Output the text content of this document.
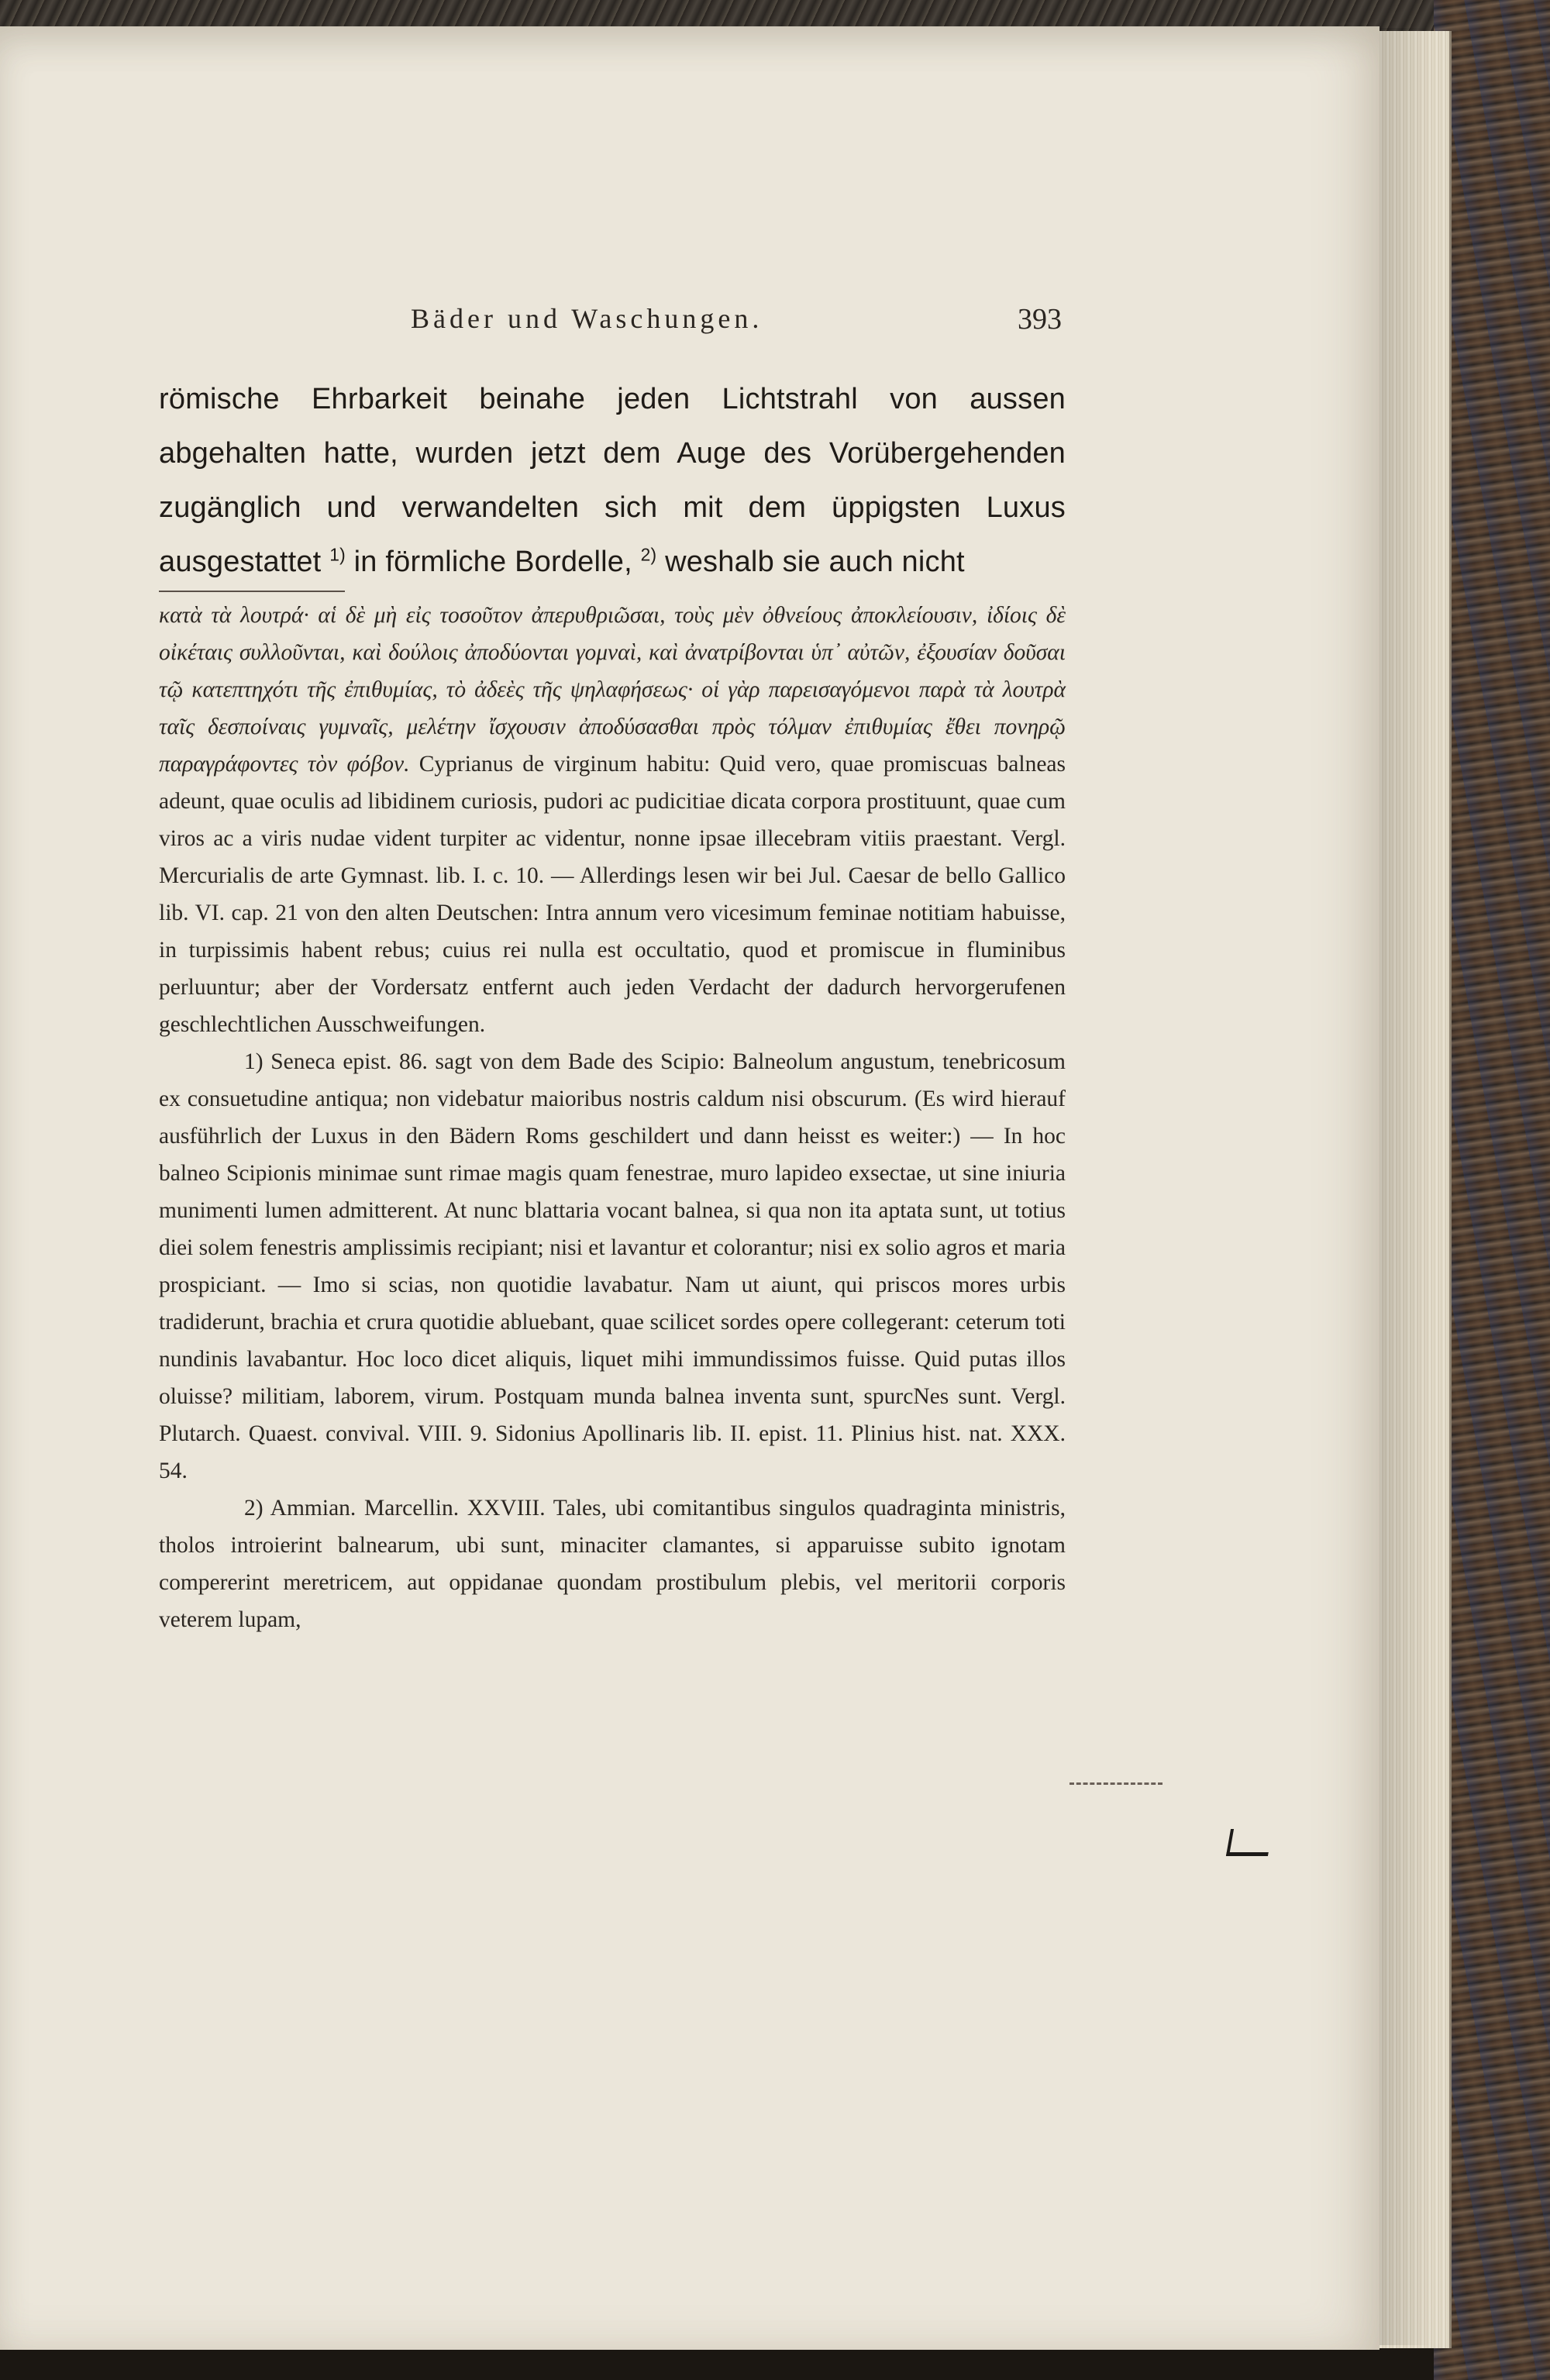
Bäder und Waschungen.	393
römische Ehrbarkeit beinahe jeden Lichtstrahl von aussen abgehalten hatte, wurden jetzt dem Auge des Vorübergehenden zugänglich und verwandelten sich mit dem üppigsten Luxus ausgestattet $^{1)}$ in förmliche Bordelle, $^{2)}$ weshalb sie auch nicht

κατὰ τὰ λουτρά· αἱ δὲ μὴ εἰς τοσοῦτον ἀπερυθριῶσαι, τοὺς μὲν ὀθνείους ἀποκλείουσιν, ἰδίοις δὲ οἰκέταις συλλοῦνται, καὶ δούλοις ἀποδύονται γομναὶ, καὶ ἀνατρίβονται ὑπ᾽ αὐτῶν, ἐξουσίαν δοῦσαι τῷ κατεπτηχότι τῆς ἐπιθυμίας, τὸ ἀδεὲς τῆς ψηλαφήσεως· οἱ γὰρ παρεισαγόμενοι παρὰ τὰ λουτρὰ ταῖς δεσποίναις γυμναῖς, μελέτην ἴσχουσιν ἀποδύσασθαι πρὸς τόλμαν ἐπιθυμίας ἔθει πονηρῷ παραγράφοντες τὸν φόβον. Cyprianus de virginum habitu: Quid vero, quae promiscuas balneas adeunt, quae oculis ad libidinem curiosis, pudori ac pudicitiae dicata corpora prostituunt, quae cum viros ac a viris nudae vident turpiter ac videntur, nonne ipsae illecebram vitiis praestant. Vergl. Mercurialis de arte Gymnast. lib. I. c. 10. — Allerdings lesen wir bei Jul. Caesar de bello Gallico lib. VI. cap. 21 von den alten Deutschen: Intra annum vero vicesimum feminae notitiam habuisse, in turpissimis habent rebus; cuius rei nulla est occultatio, quod et promiscue in fluminibus perluuntur; aber der Vordersatz entfernt auch jeden Verdacht der dadurch hervorgerufenen geschlechtlichen Ausschweifungen.

1) Seneca epist. 86. sagt von dem Bade des Scipio: Balneolum angustum, tenebricosum ex consuetudine antiqua; non videbatur maioribus nostris caldum nisi obscurum. (Es wird hierauf ausführlich der Luxus in den Bädern Roms geschildert und dann heisst es weiter:) — In hoc balneo Scipionis minimae sunt rimae magis quam fenestrae, muro lapideo exsectae, ut sine iniuria munimenti lumen admitterent. At nunc blattaria vocant balnea, si qua non ita aptata sunt, ut totius diei solem fenestris amplissimis recipiant; nisi et lavantur et colorantur; nisi ex solio agros et maria prospiciant. — Imo si scias, non quotidie lavabatur. Nam ut aiunt, qui priscos mores urbis tradiderunt, brachia et crura quotidie abluebant, quae scilicet sordes opere collegerant: ceterum toti nundinis lavabantur. Hoc loco dicet aliquis, liquet mihi immundissimos fuisse. Quid putas illos oluisse? militiam, laborem, virum. Postquam munda balnea inventa sunt, spurcNes sunt. Vergl. Plutarch. Quaest. convival. VIII. 9. Sidonius Apollinaris lib. II. epist. 11. Plinius hist. nat. XXX. 54.

2) Ammian. Marcellin. XXVIII. Tales, ubi comitantibus singulos quadraginta ministris, tholos introierint balnearum, ubi sunt, minaciter clamantes, si apparuisse subito ignotam compererint meretricem, aut oppidanae quondam prostibulum plebis, vel meritorii corporis veterem lupam,
